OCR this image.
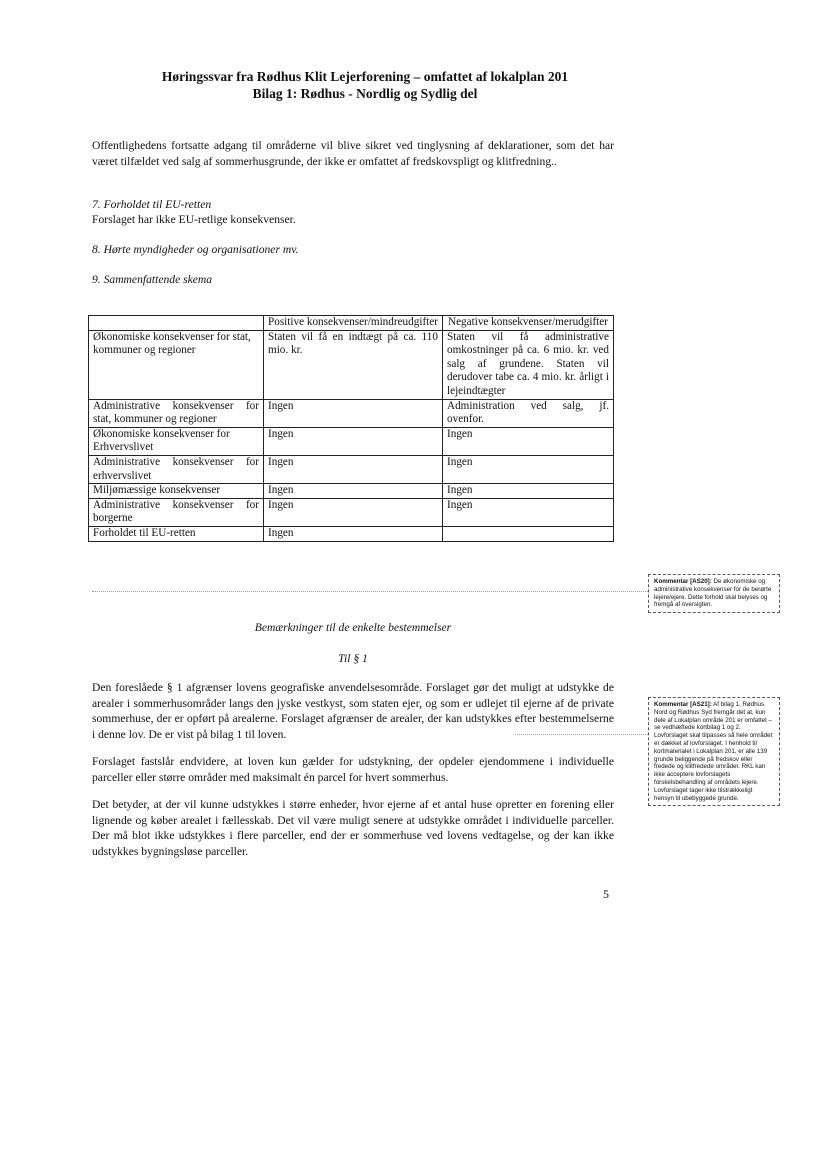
Høringssvar fra Rødhus Klit Lejerforening – omfattet af lokalplan 201
Bilag 1: Rødhus - Nordlig og Sydlig del
Offentlighedens fortsatte adgang til områderne vil blive sikret ved tinglysning af deklarationer, som det har været tilfældet ved salg af sommerhusgrunde, der ikke er omfattet af fredskovspligt og klitfredning..
7. Forholdet til EU-retten
Forslaget har ikke EU-retlige konsekvenser.
8. Hørte myndigheder og organisationer mv.
9. Sammenfattende skema
	Positive konsekvenser/mindreudgifter	Negative konsekvenser/merudgifter
Økonomiske konsekvenser for stat, kommuner og regioner	Staten vil få en indtægt på ca. 110 mio. kr.	Staten vil få administrative omkostninger på ca. 6 mio. kr. ved salg af grundene. Staten vil derudover tabe ca. 4 mio. kr. årligt i lejeindtægter
Administrative konsekvenser for stat, kommuner og regioner	Ingen	Administration ved salg, jf. ovenfor.
Økonomiske konsekvenser for Erhvervslivet	Ingen	Ingen
Administrative konsekvenser for erhvervslivet	Ingen	Ingen
Miljømæssige konsekvenser	Ingen	Ingen
Administrative konsekvenser for borgerne	Ingen	Ingen
Forholdet til EU-retten	Ingen	
Bemærkninger til de enkelte bestemmelser
Til § 1
Den foreslåede § 1 afgrænser lovens geografiske anvendelsesområde. Forslaget gør det muligt at udstykke de arealer i sommerhusområder langs den jyske vestkyst, som staten ejer, og som er udlejet til ejerne af de private sommerhuse, der er opført på arealerne. Forslaget afgrænser de arealer, der kan udstykkes efter bestemmelserne i denne lov. De er vist på bilag 1 til loven.
Forslaget fastslår endvidere, at loven kun gælder for udstykning, der opdeler ejendommene i individuelle parceller eller større områder med maksimalt én parcel for hvert sommerhus.
Det betyder, at der vil kunne udstykkes i større enheder, hvor ejerne af et antal huse opretter en forening eller lignende og køber arealet i fællesskab. Det vil være muligt senere at udstykke området i individuelle parceller. Der må blot ikke udstykkes i flere parceller, end der er sommerhuse ved lovens vedtagelse, og der kan ikke udstykkes bygningsløse parceller.
Kommentar [AS20]: De økonomiske og administrative konsekvenser for de berørte lejere/ejere. Dette forhold skal belyses og fremgå af oversigten.
Kommentar [AS21]: Af bilag 1, Rødhus Nord og Rødhus Syd fremgår det at, kun dele af Lokalplan område 201 er omfattet – se vedhæftede kortbilag 1 og 2. Lovforslaget skal tilpasses så hele området er dækket af lovforslaget. I henhold til kortmaterialet i Lokalplan 201, er alle 139 grunde beliggende på fredskov eller fredede og klitfredede områder. RKL kan ikke acceptere lovforslagets forskelsbehandling af områdets lejere. Lovforslaget tager ikke tilstrækkeligt hensyn til ubebyggede grunde.
5
